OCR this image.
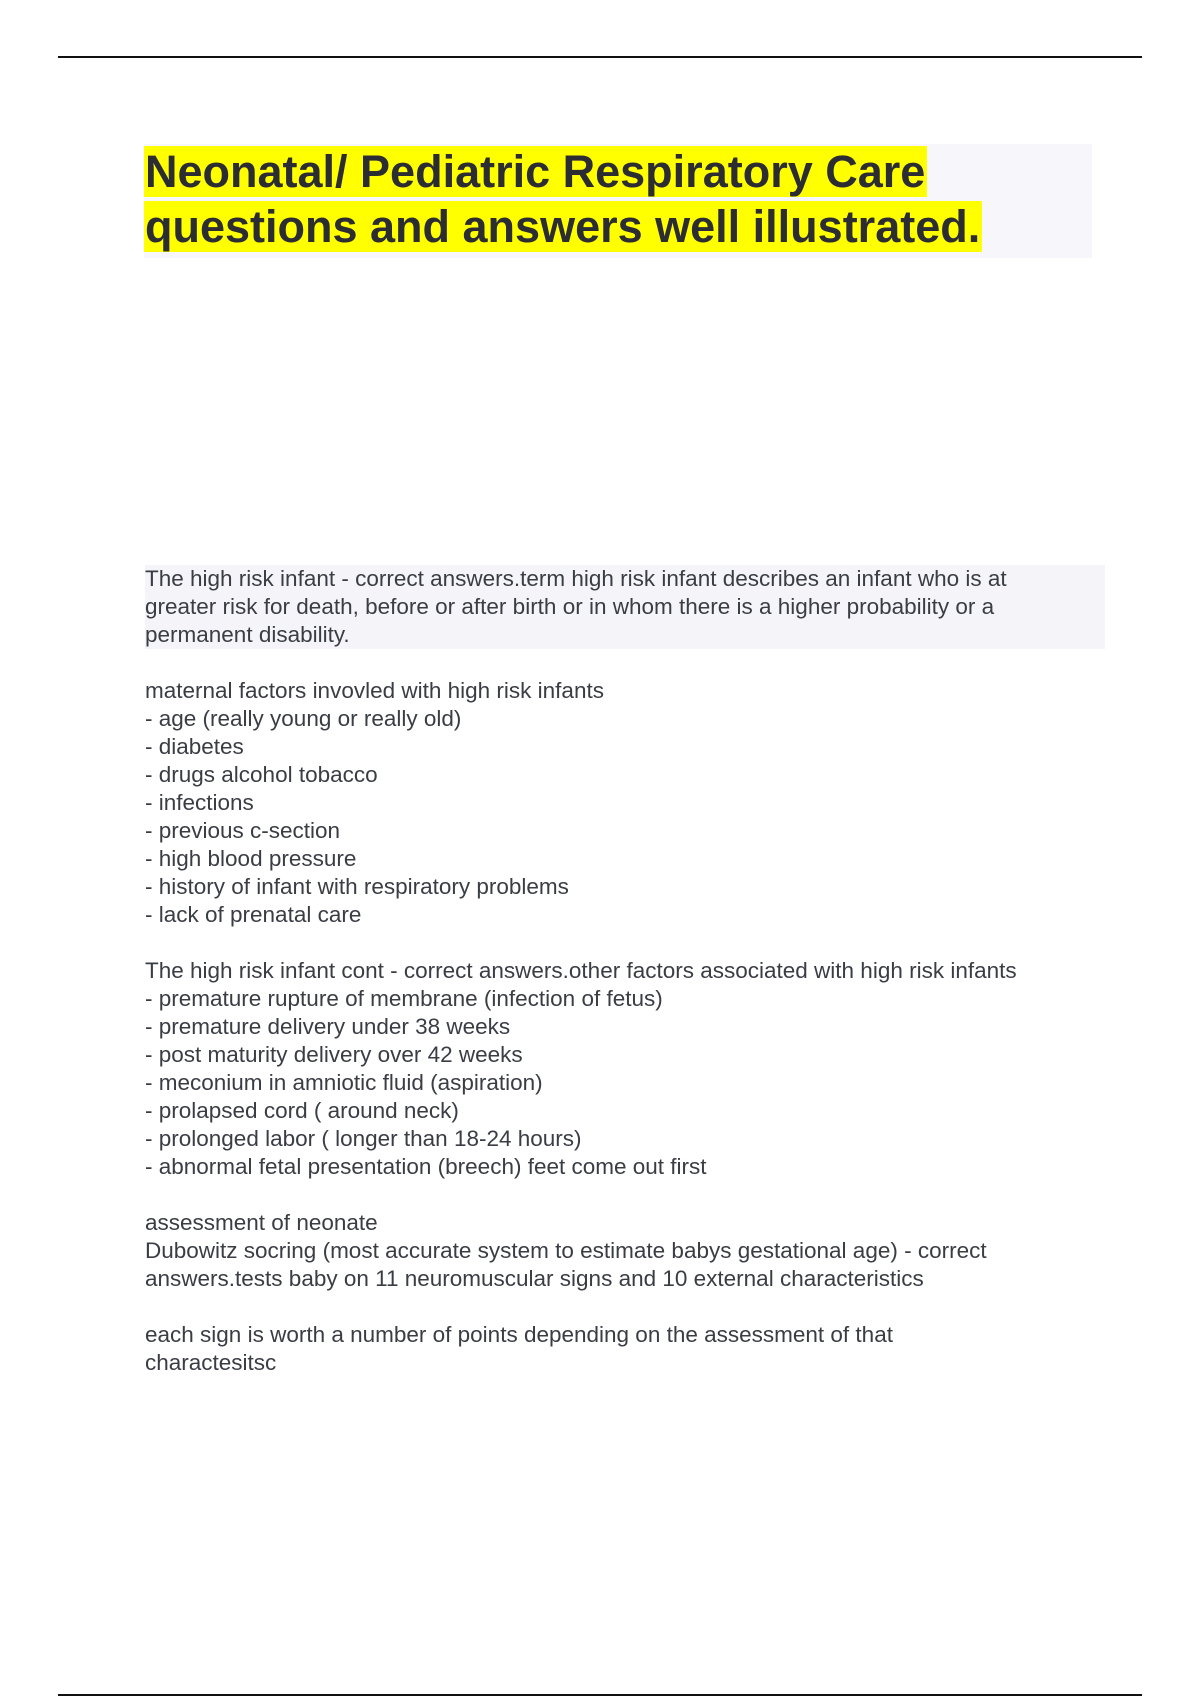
Neonatal/ Pediatric Respiratory Care
questions and answers well illustrated.

The high risk infant - correct answers.term high risk infant describes an infant who is at
greater risk for death, before or after birth or in whom there is a higher probability or a
permanent disability.

maternal factors invovled with high risk infants
- age (really young or really old)
- diabetes
- drugs alcohol tobacco
- infections
- previous c-section
- high blood pressure
- history of infant with respiratory problems
- lack of prenatal care

The high risk infant cont - correct answers.other factors associated with high risk infants
- premature rupture of membrane (infection of fetus)
- premature delivery under 38 weeks
- post maturity delivery over 42 weeks
- meconium in amniotic fluid (aspiration)
- prolapsed cord ( around neck)
- prolonged labor ( longer than 18-24 hours)
- abnormal fetal presentation (breech) feet come out first

assessment of neonate
Dubowitz socring (most accurate system to estimate babys gestational age) - correct
answers.tests baby on 11 neuromuscular signs and 10 external characteristics

each sign is worth a number of points depending on the assessment of that
charactesitsc
